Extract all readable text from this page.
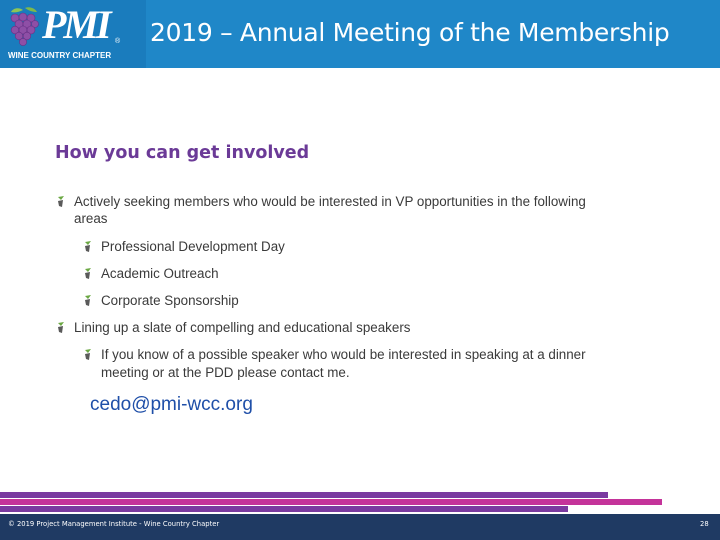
PMI ®
WINE COUNTRY CHAPTER
2019 – Annual Meeting of the Membership
How you can get involved
Actively seeking members who would be interested in VP opportunities in the following
areas
Professional Development Day
Academic Outreach
Corporate Sponsorship
Lining up a slate of compelling and educational speakers
If you know of a possible speaker who would be interested in speaking at a dinner
meeting or at the PDD please contact me.
cedo@pmi-wcc.org
© 2019 Project Management Institute - Wine Country Chapter	28
